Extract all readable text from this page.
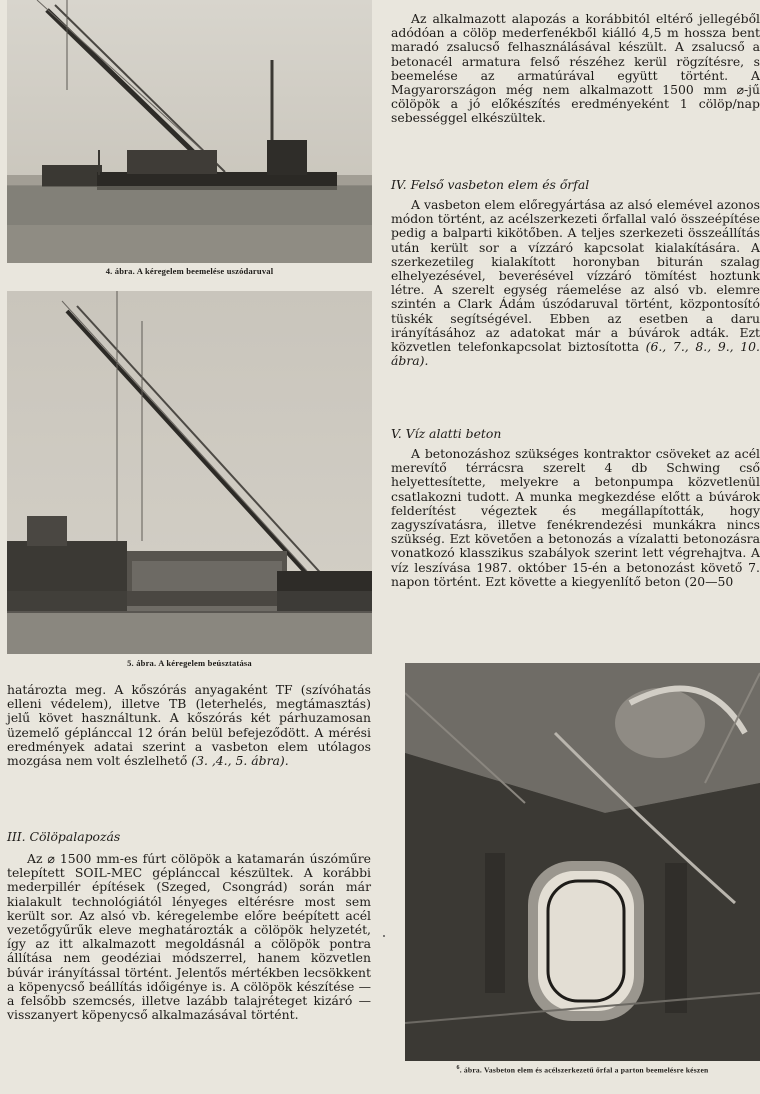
4. ábra. A kéregelem beemelése uszódaruval
5. ábra. A kéregelem beúsztatása

határozta meg. A kőszórás anyagaként TF (szívóhatás elleni védelem), illetve TB (leterhelés, megtámasztás) jelű követ használtunk. A kőszórás két párhuzamosan üzemelő géplánccal 12 órán belül befejeződött. A mérési eredmények adatai szerint a vasbeton elem utólagos mozgása nem volt észlelhető (3. ,4., 5. ábra).

III. Cölöpalapozás

Az ⌀ 1500 mm-es fúrt cölöpök a katamarán úszóműre telepített SOIL-MEC gépláncсal készültek. A korábbi mederpillér építések (Szeged, Csongrád) során már kialakult technológiától lényeges eltérésre most sem került sor. Az alsó vb. kéregelembe előre beépített acél vezetőgyűrűk eleve meghatározták a cölöpök helyzetét, így az itt alkalmazott megoldásnál a cölöpök pontra állítása nem geodéziai módszerrel, hanem közvetlen búvár irányítással történt. Jelentős mértékben lecsökkent a köpenycső beállítás időigénye is. A cölöpök készítése — a felsőbb szemcsés, illetve lazább talajréteget kizáró — visszanyert köpenycső alkalmazásával történt.

Az alkalmazott alapozás a korábbitól eltérő jellegéből adódóan a cölöp mederfenékből kiálló 4,5 m hossza bent maradó zsalucső felhasználásával készült. A zsalucső a betonacél armatura felső részéhez kerül rögzítésre, s beemelése az armatúrával együtt történt. A Magyarországon még nem alkalmazott 1500 mm ⌀-jű cölöpök a jó előkészítés eredményeként 1 cölöp/nap sebességgel elkészültek.

IV. Felső vasbeton elem és őrfal

A vasbeton elem előregyártása az alsó elemével azonos módon történt, az acélszerkezeti őrfallal való összeépítése pedig a balparti kikötőben. A teljes szerkezeti összeállítás után került sor a vízzáró kapcsolat kialakítására. A szerkezetileg kialakított horonyban biturán szalag elhelyezésével, beverésével vízzáró tömítést hoztunk létre. A szerelt egység ráemelése az alsó vb. elemre szintén a Clark Ádám úszódaruval történt, központosító tüskék segítségével. Ebben az esetben a daru irányításához az adatokat már a búvárok adták. Ezt közvetlen telefonkapcsolat biztosította (6., 7., 8., 9., 10. ábra).

V. Víz alatti beton

A betonozáshoz szükséges kontraktor csöveket az acél merevítő térrácsra szerelt 4 db Schwing cső helyettesítette, melyekre a betonpumpa közvetlenül csatlakozni tudott. A munka megkezdése előtt a búvárok felderítést végeztek és megállapították, hogy zagyszívatásra, illetve fenékrendezési munkákra nincs szükség. Ezt követően a betonozás a vízalatti betonozásra vonatkozó klasszikus szabályok szerint lett végrehajtva. A víz leszívása 1987. október 15-én a betonozást követő 7. napon történt. Ezt követte a kiegyenlítő beton (20—50

$^6$. ábra. Vasbeton elem és acélszerkezetű őrfal a parton beemelésre készen
